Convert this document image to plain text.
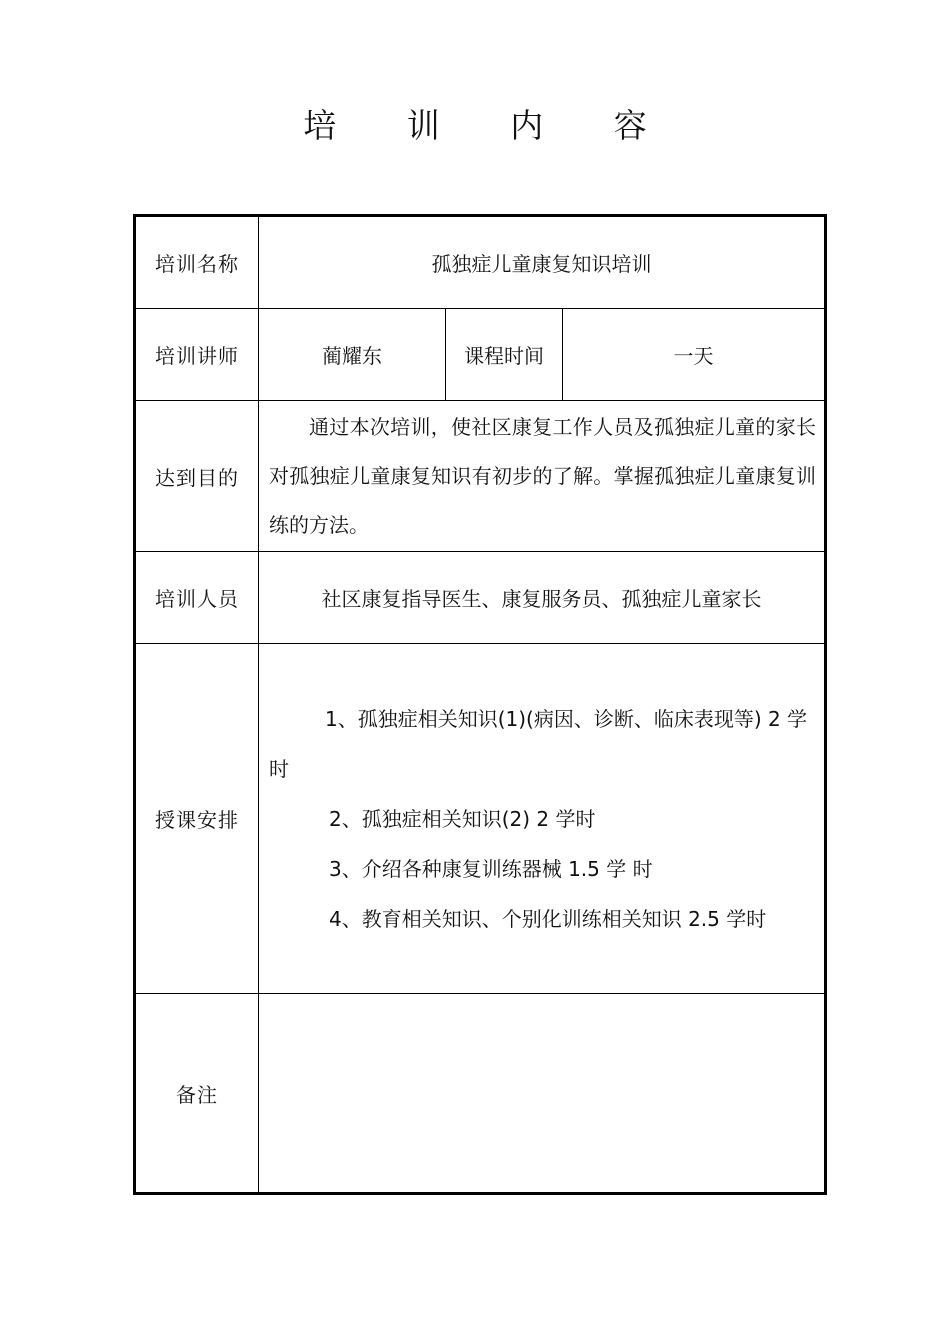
培 训 内 容
培训名称	孤独症儿童康复知识培训		
培训讲师	蔺耀东	课程时间	一天
达到目的	通过本次培训，使社区康复工作人员及孤独症儿童的家长对孤独症儿童康复知识有初步的了解。掌握孤独症儿童康复训练的方法。		

培训人员	社区康复指导医生、康复服务员、孤独症儿童家长		
授课安排	1、孤独症相关知识(1)(病因、诊断、临床表现等) 2 学时

2、孤独症相关知识(2) 2 学时

3、介绍各种康复训练器械 1.5 学 时

4、教育相关知识、个别化训练相关知识 2.5 学时		

备注			
